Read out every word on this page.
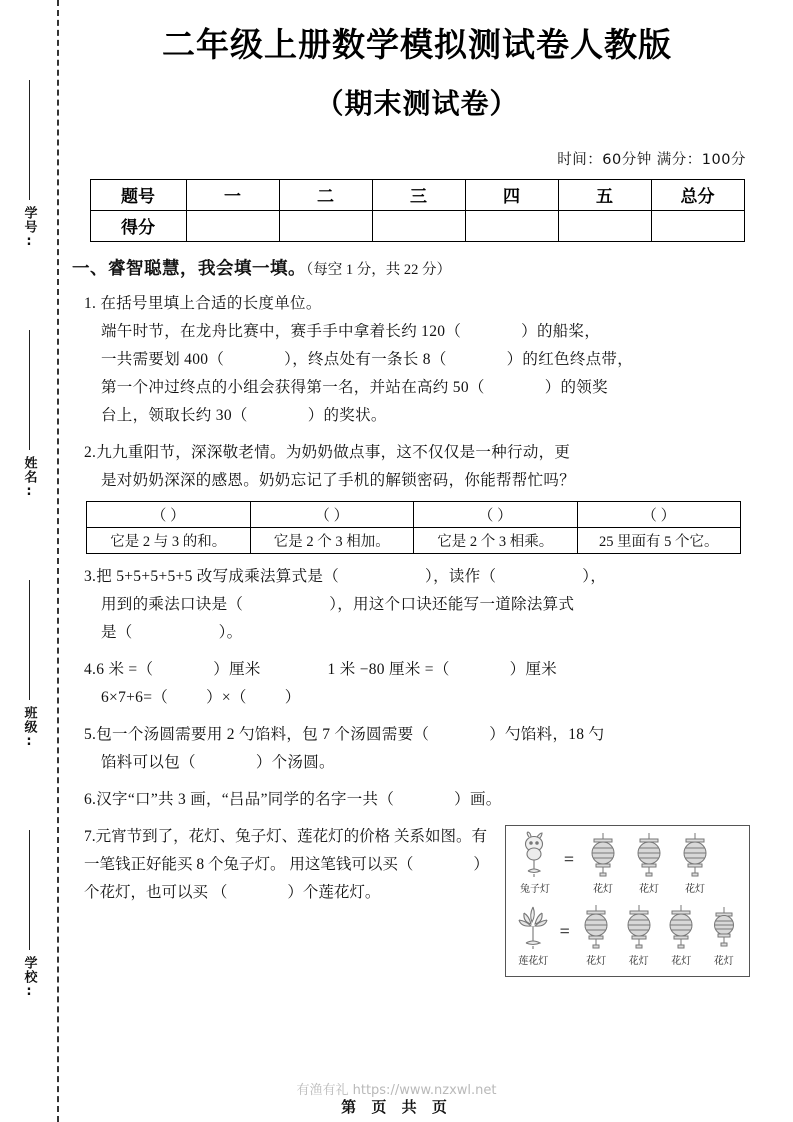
学号:
姓名:
班级:
学校:
二年级上册数学模拟测试卷人教版
（期末测试卷）
时间：60分钟 满分：100分
题号	一	二	三	四	五	总分
得分						
一、睿智聪慧，我会填一填。（每空 1 分，共 22 分）
1. 在括号里填上合适的长度单位。
端午时节，在龙舟比赛中，赛手手中拿着长约 120（	）的船桨，
一共需要划 400（	），终点处有一条长 8（	）的红色终点带，
第一个冲过终点的小组会获得第一名，并站在高约 50（	）的领奖
台上，领取长约 30（	）的奖状。
2.九九重阳节，深深敬老情。为奶奶做点事，这不仅仅是一种行动，更
是对奶奶深深的感恩。奶奶忘记了手机的解锁密码，你能帮帮忙吗？
（ ）	（ ）	（ ）	（ ）
它是 2 与 3 的和。	它是 2 个 3 相加。	它是 2 个 3 相乘。	25 里面有 5 个它。
3.把 5+5+5+5+5 改写成乘法算式是（	），读作（	），
用到的乘法口诀是（	），用这个口诀还能写一道除法算式
是（	）。
4.6 米 =（	）厘米	1 米 −80 厘米 =（	）厘米
6×7+6=（ ）×（ ）
5.包一个汤圆需要用 2 勺馅料，包 7 个汤圆需要（	）勺馅料，18 勺
馅料可以包（	）个汤圆。
6.汉字“口”共 3 画，“吕品”同学的名字一共（	）画。
7.元宵节到了，花灯、兔子灯、莲花灯的价格 关系如图。有一笔钱正好能买 8 个兔子灯。 用这笔钱可以买（	）个花灯，也可以买 （	）个莲花灯。	兔子灯
=
花灯	花灯	花灯
莲花灯
=
花灯 花灯 花灯 花灯
有渔有礼 https://www.nzxwl.net
第 页 共 页
